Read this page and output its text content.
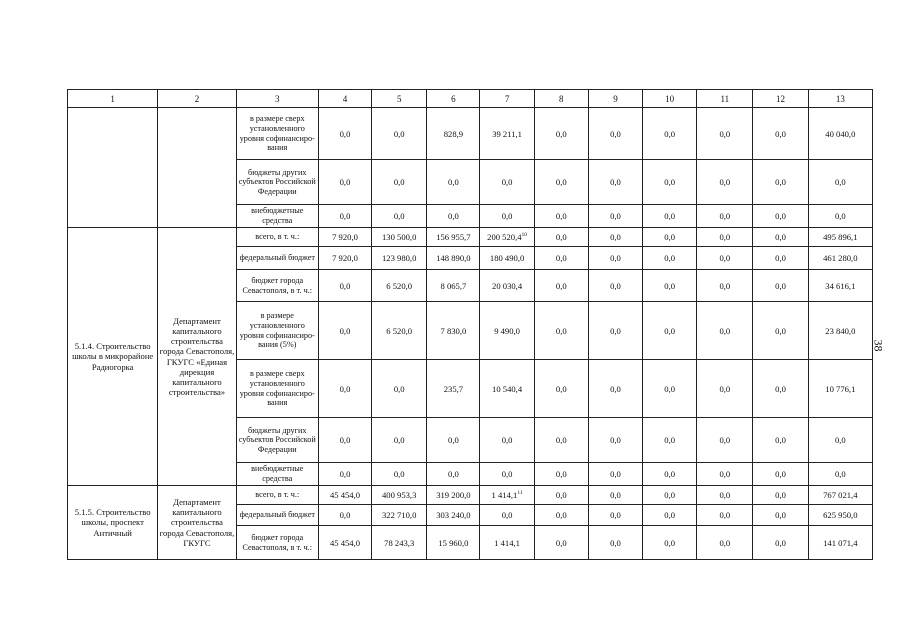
1	2	3	4	5	6	7	8	9	10	11	12	13
		в размере сверх установленного уровня софинансиро-вания	0,0	0,0	828,9	39 211,1	0,0	0,0	0,0	0,0	0,0	40 040,0
		бюджеты других субъектов Российской Федерации	0,0	0,0	0,0	0,0	0,0	0,0	0,0	0,0	0,0	0,0
		внебюджетные средства	0,0	0,0	0,0	0,0	0,0	0,0	0,0	0,0	0,0	0,0
5.1.4. Строительство школы в микрорайоне Радиогорка	Департамент капитального строительства города Севастополя, ГКУГС «Единая дирекция капитального строительства»	всего, в т. ч.:	7 920,0	130 500,0	156 955,7	200 520,4$^{10}$	0,0	0,0	0,0	0,0	0,0	495 896,1
		федеральный бюджет	7 920,0	123 980,0	148 890,0	180 490,0	0,0	0,0	0,0	0,0	0,0	461 280,0
		бюджет города Севастополя, в т. ч.:	0,0	6 520,0	8 065,7	20 030,4	0,0	0,0	0,0	0,0	0,0	34 616,1
		в размере установленного уровня софинансиро-вания (5%)	0,0	6 520,0	7 830,0	9 490,0	0,0	0,0	0,0	0,0	0,0	23 840,0
		в размере сверх установленного уровня софинансиро-вания	0,0	0,0	235,7	10 540,4	0,0	0,0	0,0	0,0	0,0	10 776,1
		бюджеты других субъектов Российской Федерации	0,0	0,0	0,0	0,0	0,0	0,0	0,0	0,0	0,0	0,0
		внебюджетные средства	0,0	0,0	0,0	0,0	0,0	0,0	0,0	0,0	0,0	0,0
5.1.5. Строительство школы, проспект Античный	Департамент капитального строительства города Севастополя, ГКУГС	всего, в т. ч.:	45 454,0	400 953,3	319 200,0	1 414,1$^{11}$	0,0	0,0	0,0	0,0	0,0	767 021,4
		федеральный бюджет	0,0	322 710,0	303 240,0	0,0	0,0	0,0	0,0	0,0	0,0	625 950,0
		бюджет города Севастополя, в т. ч.:	45 454,0	78 243,3	15 960,0	1 414,1	0,0	0,0	0,0	0,0	0,0	141 071,4
38
